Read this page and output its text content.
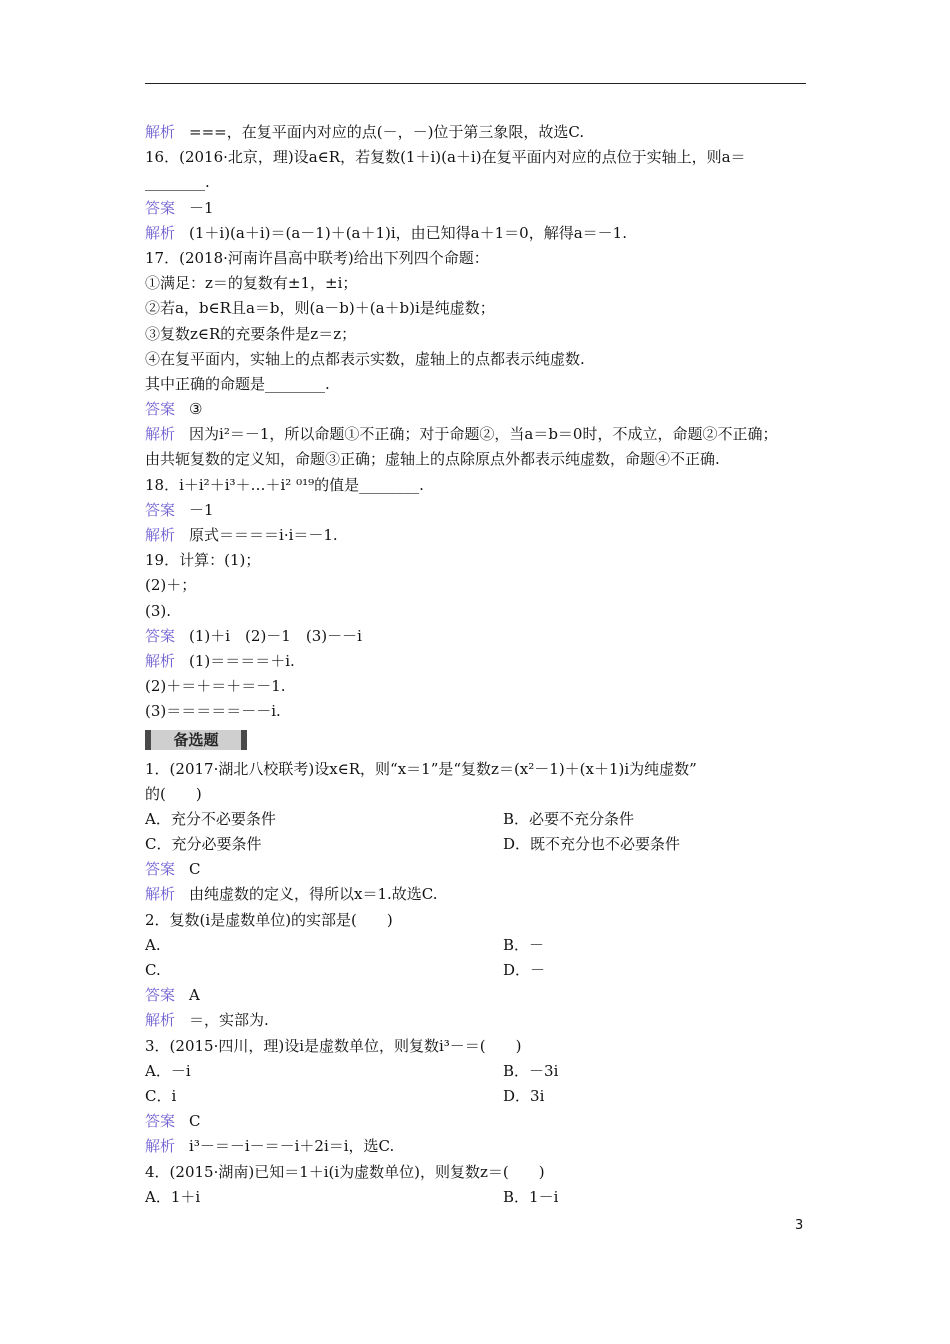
解析 ===，在复平面内对应的点(－，－)位于第三象限，故选C.
16．(2016·北京，理)设a∈R，若复数(1＋i)(a＋i)在复平面内对应的点位于实轴上，则a＝
________.
答案 －1
解析 (1＋i)(a＋i)＝(a－1)＋(a＋1)i，由已知得a＋1＝0，解得a＝－1.
17．(2018·河南许昌高中联考)给出下列四个命题：
①满足：z＝的复数有±1，±i；
②若a，b∈R且a＝b，则(a－b)＋(a＋b)i是纯虚数；
③复数z∈R的充要条件是z＝z；
④在复平面内，实轴上的点都表示实数，虚轴上的点都表示纯虚数.
其中正确的命题是________.
答案 ③
解析 因为i²＝－1，所以命题①不正确；对于命题②，当a＝b＝0时，不成立，命题②不正确；
由共轭复数的定义知，命题③正确；虚轴上的点除原点外都表示纯虚数，命题④不正确.
18．i＋i²＋i³＋…＋i² ⁰¹⁹的值是________.
答案 －1
解析 原式＝＝＝＝i·i＝－1.
19．计算：(1)；
(2)＋；
(3).
答案 (1)＋i　(2)－1　(3)－－i
解析 (1)＝＝＝＝＋i.
(2)＋＝＋＝＋＝－1.
(3)＝＝＝＝＝－－i.
备选题
1．(2017·湖北八校联考)设x∈R，则“x＝1”是“复数z＝(x²－1)＋(x＋1)i为纯虚数”
的(　　)
A．充分不必要条件	B．必要不充分条件
C．充分必要条件	D．既不充分也不必要条件
答案 C
解析 由纯虚数的定义，得所以x＝1.故选C.
2．复数(i是虚数单位)的实部是(　　)
A.	B．－
C.	D．－
答案 A
解析 ＝，实部为.
3．(2015·四川，理)设i是虚数单位，则复数i³－＝(　　)
A．－i	B．－3i
C．i	D．3i
答案 C
解析 i³－＝－i－＝－i＋2i＝i，选C.
4．(2015·湖南)已知＝1＋i(i为虚数单位)，则复数z＝(　　)
A．1＋i	B．1－i
3
